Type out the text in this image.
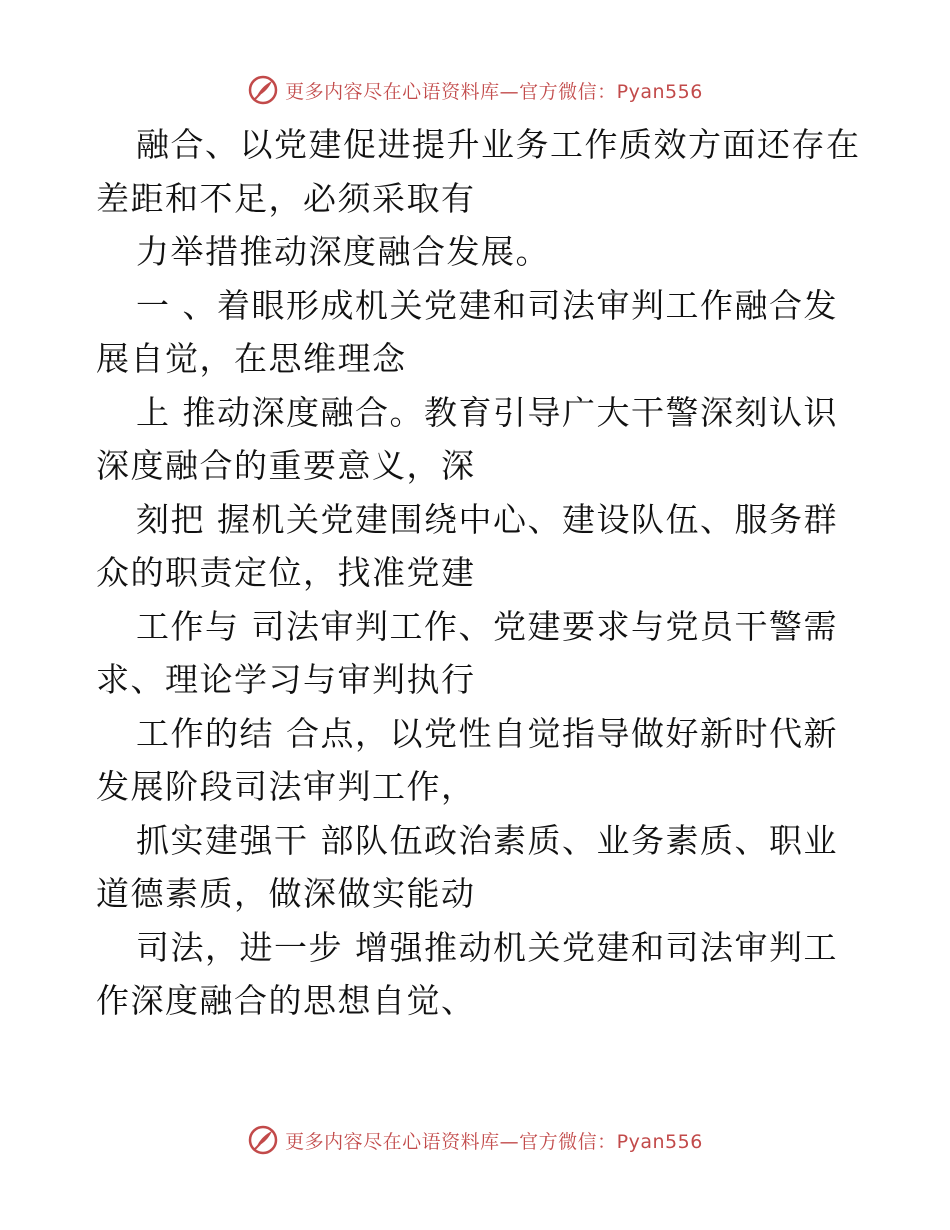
更多内容尽在心语资料库—官方微信：Pyan556
融合、以党建促进提升业务工作质效方面还存在
差距和不足，必须采取有
力举措推动深度融合发展。
一 、着眼形成机关党建和司法审判工作融合发
展自觉，在思维理念
上 推动深度融合。教育引导广大干警深刻认识
深度融合的重要意义，深
刻把 握机关党建围绕中心、建设队伍、服务群
众的职责定位，找准党建
工作与 司法审判工作、党建要求与党员干警需
求、理论学习与审判执行
工作的结 合点，以党性自觉指导做好新时代新
发展阶段司法审判工作，
抓实建强干 部队伍政治素质、业务素质、职业
道德素质，做深做实能动
司法，进一步 增强推动机关党建和司法审判工
作深度融合的思想自觉、
更多内容尽在心语资料库—官方微信：Pyan556
